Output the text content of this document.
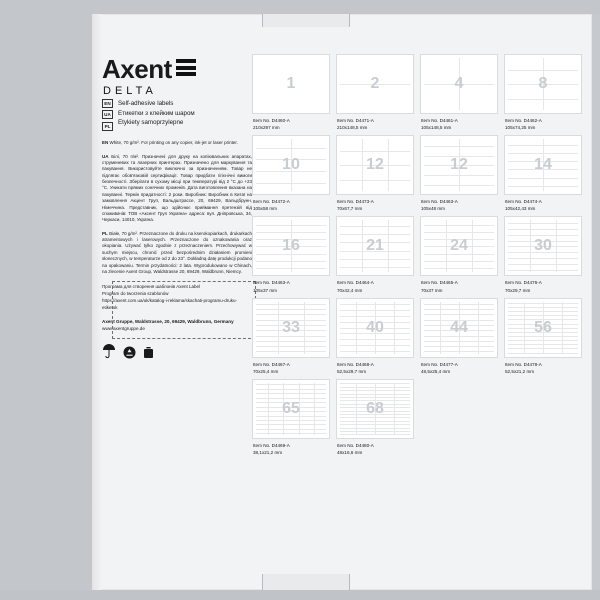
Axent
DELTA
EN
UA
PL
Self-adhesive labels
Етикетки з клейким шаром
Etykiety samoprzylepne
EN White, 70 g/m². For printing on any copier, ink-jet or laser printer.
UA Білі, 70 г/м². Призначені для друку на копіювальних апаратах, струменевих та лазерних принтерах. Призначено для маркування та пакування. Використовуйте виключно за призначенням. Товар не підлягає обов'язковій сертифікації. Товар придбати гігієнічні вимоги безпечності. Зберігати в сухому місці при температурі від 2 °C до +23 °C. Уникати прямих сонячних променів. Дата виготовлення вказана на пакуванні. Термін придатності: 2 роки. Виробник: Виробник в Китаї на замовлення Акцент Груп, Вальдштрассе, 20, 69429, Вальдбрунн, Німеччина. Представник, що здійснює приймання претензій від споживачів: ТОВ «Аксент Груп Україна» адреса: вул. Дніпровська, 34, Черкаси, 14010, Україна.
PL Białe, 70 g/m². Przeznaczone do druku na kserokopiarkach, drukarkach atramentowych i laserowych. Przeznaczone do oznakowania oraz okopiania. Używać tylko zgodnie z przeznaczeniem. Przechowywać w suchym miejscu, chronić przed bezpośrednim działaniem promieni słonecznych, w temperaturze od 2 do 23°. Dokładną datę produkcji podano na opakowaniu. Termin przydatności: 2 lata. Wyprodukowano w Chinach, na zlecenie Axent Group, Waldstrasse 20, 69429, Waldbrunn, Niemcy.
Програма для створення шаблонів Axent Label
Program do tworzenia szablonów
https://axent.com.ua/uk/katalog-i-reklama/skachati-programu-druku-etiketok
Axent Gruppe, Waldstrasse, 20, 69429, Waldbrunn, Germany
www.axentgruppe.de
1
Item No. D4460-A
210х297 mm
2
Item No. D4471-A
210х148,5 mm
4
Item No. D4461-A
105х148,5 mm
8
Item No. D4462-A
105х74,25 mm
10
Item No. D4472-A
105х58 mm
12
Item No. D4473-A
70х67,7 mm
12
Item No. D4463-A
105х48 mm
14
Item No. D4474-A
105х42,43 mm
16
Item No. D4463-A
105х37 mm
21
Item No. D4464-A
70х42,4 mm
24
Item No. D4465-A
70х37 mm
30
Item No. D4476-A
70х29,7 mm
33
Item No. D4467-A
70х25,4 mm
40
Item No. D4468-A
52,5х29,7 mm
44
Item No. D4477-A
48,5х25,4 mm
56
Item No. D4478-A
52,5х21,2 mm
65
Item No. D4469-A
38,1х21,2 mm
68
Item No. D4480-A
48х16,6 mm
